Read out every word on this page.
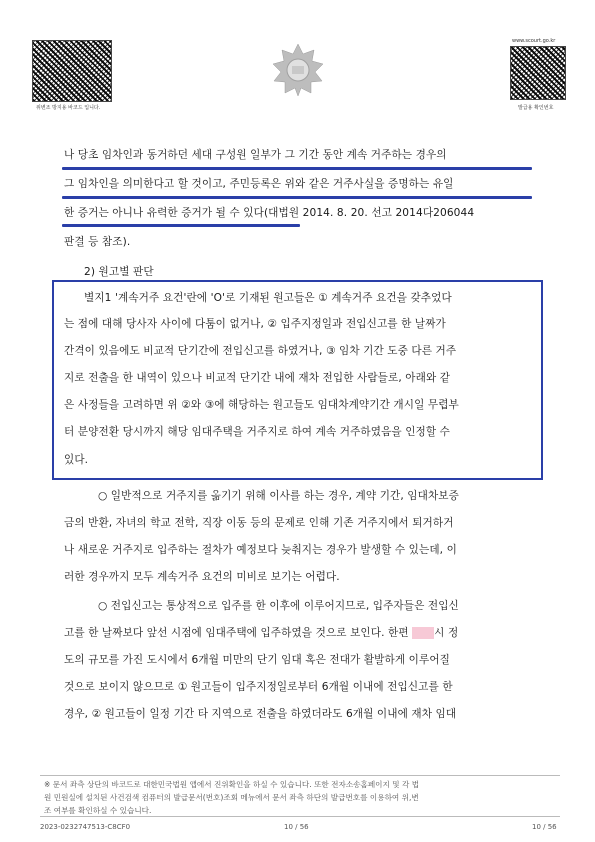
위변조 방지용 바코드 입니다.
www.scourt.go.kr
발급용 확인번호
나 당초 임차인과 동거하던 세대 구성원 일부가 그 기간 동안 계속 거주하는 경우의
그 임차인을 의미한다고 할 것이고, 주민등록은 위와 같은 거주사실을 증명하는 유일
한 증거는 아니나 유력한 증거가 될 수 있다(대법원 2014. 8. 20. 선고 2014다206044
판결 등 참조).
2) 원고별 판단
별지1 '계속거주 요건'란에 'O'로 기재된 원고들은 ① 계속거주 요건을 갖추었다
는 점에 대해 당사자 사이에 다툼이 없거나, ② 입주지정일과 전입신고를 한 날짜가
간격이 있음에도 비교적 단기간에 전입신고를 하였거나, ③ 임차 기간 도중 다른 거주
지로 전출을 한 내역이 있으나 비교적 단기간 내에 재차 전입한 사람들로, 아래와 같
은 사정들을 고려하면 위 ②와 ③에 해당하는 원고들도 임대차계약기간 개시일 무렵부
터 분양전환 당시까지 해당 임대주택을 거주지로 하여 계속 거주하였음을 인정할 수
있다.
○ 일반적으로 거주지를 옮기기 위해 이사를 하는 경우, 계약 기간, 임대차보증
금의 반환, 자녀의 학교 전학, 직장 이동 등의 문제로 인해 기존 거주지에서 퇴거하거
나 새로운 거주지로 입주하는 절차가 예정보다 늦춰지는 경우가 발생할 수 있는데, 이
러한 경우까지 모두 계속거주 요건의 미비로 보기는 어렵다.
○ 전입신고는 통상적으로 입주를 한 이후에 이루어지므로, 입주자들은 전입신
고를 한 날짜보다 앞선 시점에 임대주택에 입주하였을 것으로 보인다. 한편 시 정
도의 규모를 가진 도시에서 6개월 미만의 단기 임대 혹은 전대가 활발하게 이루어질
것으로 보이지 않으므로 ① 원고들이 입주지정일로부터 6개월 이내에 전입신고를 한
경우, ② 원고들이 일정 기간 타 지역으로 전출을 하였더라도 6개월 이내에 재차 임대
※ 문서 좌측 상단의 바코드로 대한민국법원 앱에서 진위확인을 하실 수 있습니다. 또한 전자소송홈페이지 및 각 법
원 민원실에 설치된 사건검색 컴퓨터의 발급문서(번호)조회 메뉴에서 문서 좌측 하단의 발급번호를 이용하여 위,변
조 여부를 확인하실 수 있습니다.
2023-0232747513-C8CF0	10 / 56	10 / 56
